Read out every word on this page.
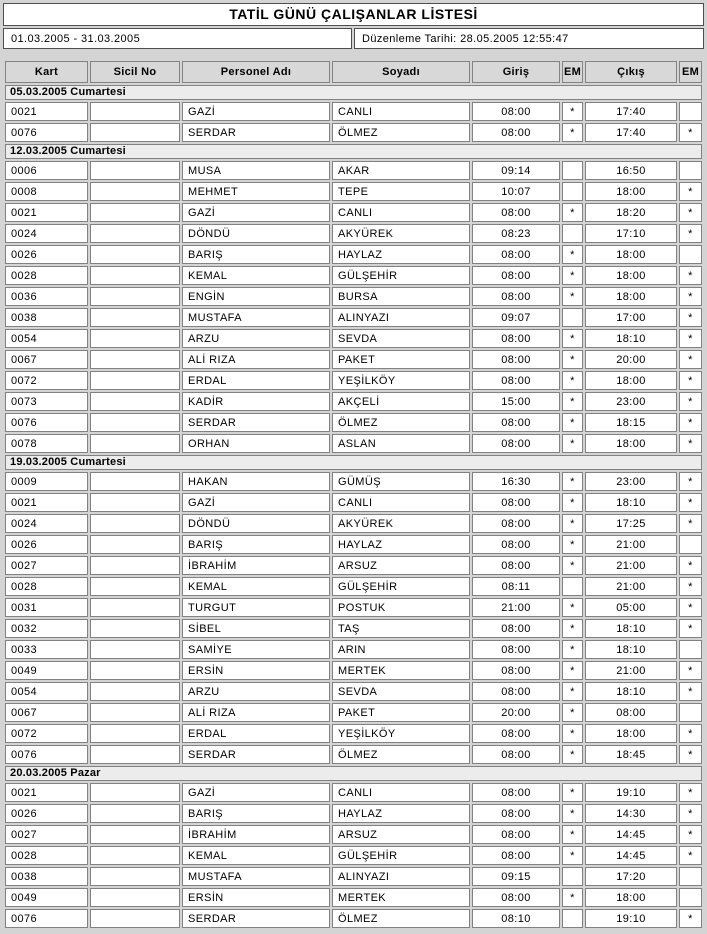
TATİL GÜNÜ ÇALIŞANLAR LİSTESİ
01.03.2005 - 31.03.2005	Düzenleme Tarihi: 28.05.2005 12:55:47
Kart	Sicil No	Personel Adı	Soyadı	Giriş	EM	Çıkış	EM
05.03.2005 Cumartesi							
0021		GAZİ	CANLI	08:00	*	17:40	
0076		SERDAR	ÖLMEZ	08:00	*	17:40	*
12.03.2005 Cumartesi							
0006		MUSA	AKAR	09:14		16:50	
0008		MEHMET	TEPE	10:07		18:00	*
0021		GAZİ	CANLI	08:00	*	18:20	*
0024		DÖNDÜ	AKYÜREK	08:23		17:10	*
0026		BARIŞ	HAYLAZ	08:00	*	18:00	
0028		KEMAL	GÜLŞEHİR	08:00	*	18:00	*
0036		ENGİN	BURSA	08:00	*	18:00	*
0038		MUSTAFA	ALINYAZI	09:07		17:00	*
0054		ARZU	SEVDA	08:00	*	18:10	*
0067		ALİ RIZA	PAKET	08:00	*	20:00	*
0072		ERDAL	YEŞİLKÖY	08:00	*	18:00	*
0073		KADİR	AKÇELİ	15:00	*	23:00	*
0076		SERDAR	ÖLMEZ	08:00	*	18:15	*
0078		ORHAN	ASLAN	08:00	*	18:00	*
19.03.2005 Cumartesi							
0009		HAKAN	GÜMÜŞ	16:30	*	23:00	*
0021		GAZİ	CANLI	08:00	*	18:10	*
0024		DÖNDÜ	AKYÜREK	08:00	*	17:25	*
0026		BARIŞ	HAYLAZ	08:00	*	21:00	
0027		İBRAHİM	ARSUZ	08:00	*	21:00	*
0028		KEMAL	GÜLŞEHİR	08:11		21:00	*
0031		TURGUT	POSTUK	21:00	*	05:00	*
0032		SİBEL	TAŞ	08:00	*	18:10	*
0033		SAMİYE	ARIN	08:00	*	18:10	
0049		ERSİN	MERTEK	08:00	*	21:00	*
0054		ARZU	SEVDA	08:00	*	18:10	*
0067		ALİ RIZA	PAKET	20:00	*	08:00	
0072		ERDAL	YEŞİLKÖY	08:00	*	18:00	*
0076		SERDAR	ÖLMEZ	08:00	*	18:45	*
20.03.2005 Pazar							
0021		GAZİ	CANLI	08:00	*	19:10	*
0026		BARIŞ	HAYLAZ	08:00	*	14:30	*
0027		İBRAHİM	ARSUZ	08:00	*	14:45	*
0028		KEMAL	GÜLŞEHİR	08:00	*	14:45	*
0038		MUSTAFA	ALINYAZI	09:15		17:20	
0049		ERSİN	MERTEK	08:00	*	18:00	
0076		SERDAR	ÖLMEZ	08:10		19:10	*
